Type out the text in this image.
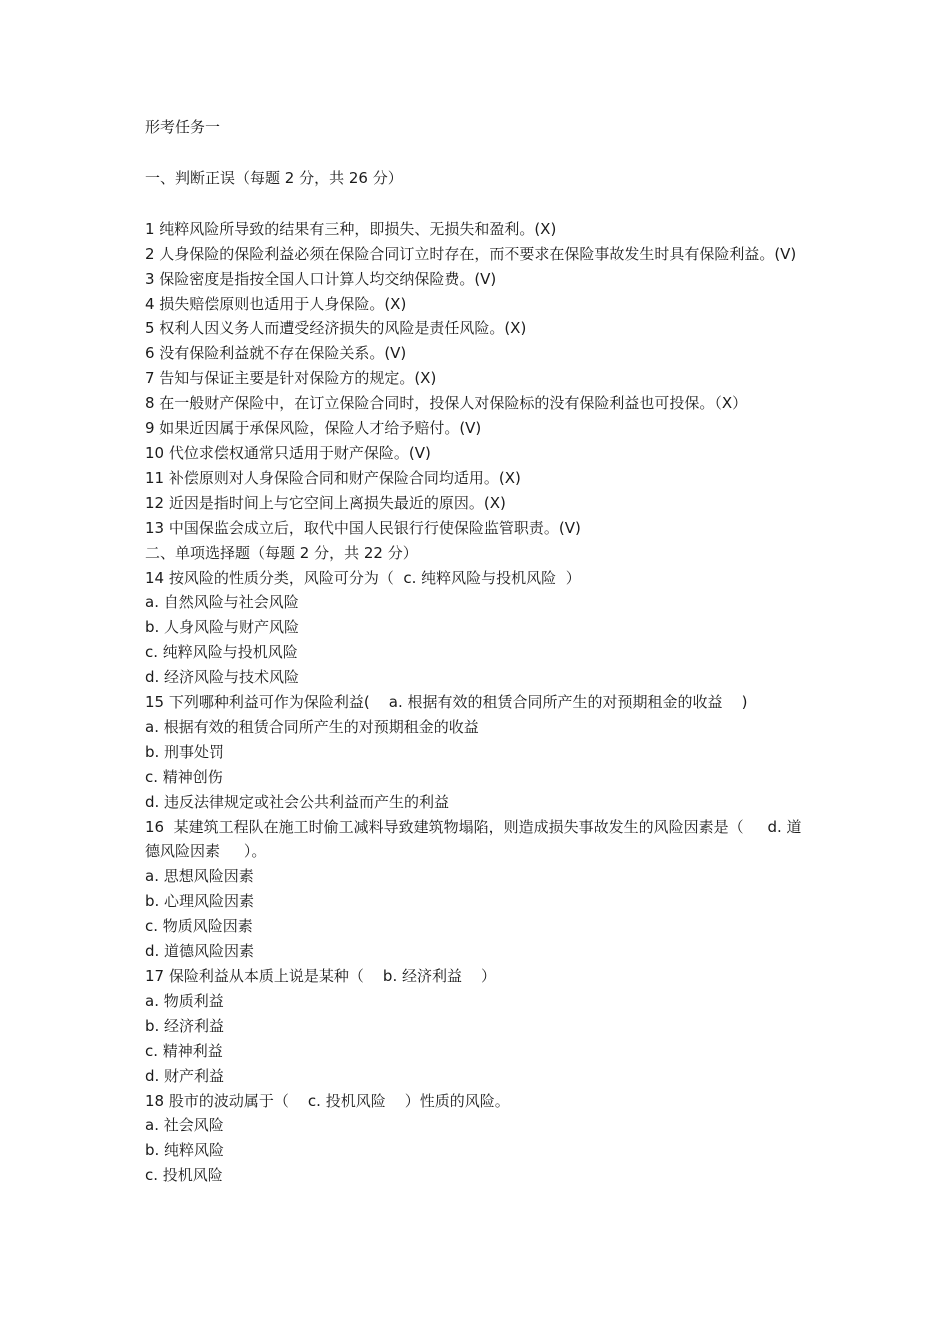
形考任务一
一、判断正误（每题 2 分，共 26 分）
1 纯粹风险所导致的结果有三种，即损失、无损失和盈利。(X)
2 人身保险的保险利益必须在保险合同订立时存在，而不要求在保险事故发生时具有保险利益。(V)
3 保险密度是指按全国人口计算人均交纳保险费。(V)
4 损失赔偿原则也适用于人身保险。(X)
5 权利人因义务人而遭受经济损失的风险是责任风险。(X)
6 没有保险利益就不存在保险关系。(V)
7 告知与保证主要是针对保险方的规定。(X)
8 在一般财产保险中，在订立保险合同时，投保人对保险标的没有保险利益也可投保。（X）
9 如果近因属于承保风险，保险人才给予赔付。(V)
10 代位求偿权通常只适用于财产保险。(V)
11 补偿原则对人身保险合同和财产保险合同均适用。(X)
12 近因是指时间上与它空间上离损失最近的原因。(X)
13 中国保监会成立后，取代中国人民银行行使保险监管职责。(V)
二、单项选择题（每题 2 分，共 22 分）
14 按风险的性质分类，风险可分为（  c. 纯粹风险与投机风险  ）
a. 自然风险与社会风险
b. 人身风险与财产风险
c. 纯粹风险与投机风险
d. 经济风险与技术风险
15 下列哪种利益可作为保险利益(    a. 根据有效的租赁合同所产生的对预期租金的收益    )
a. 根据有效的租赁合同所产生的对预期租金的收益
b. 刑事处罚
c. 精神创伤
d. 违反法律规定或社会公共利益而产生的利益
16  某建筑工程队在施工时偷工减料导致建筑物塌陷，则造成损失事故发生的风险因素是（     d. 道德风险因素     ）。
a. 思想风险因素
b. 心理风险因素
c. 物质风险因素
d. 道德风险因素
17 保险利益从本质上说是某种（    b. 经济利益    ）
a. 物质利益
b. 经济利益
c. 精神利益
d. 财产利益
18 股市的波动属于（    c. 投机风险    ）性质的风险。
a. 社会风险
b. 纯粹风险
c. 投机风险
